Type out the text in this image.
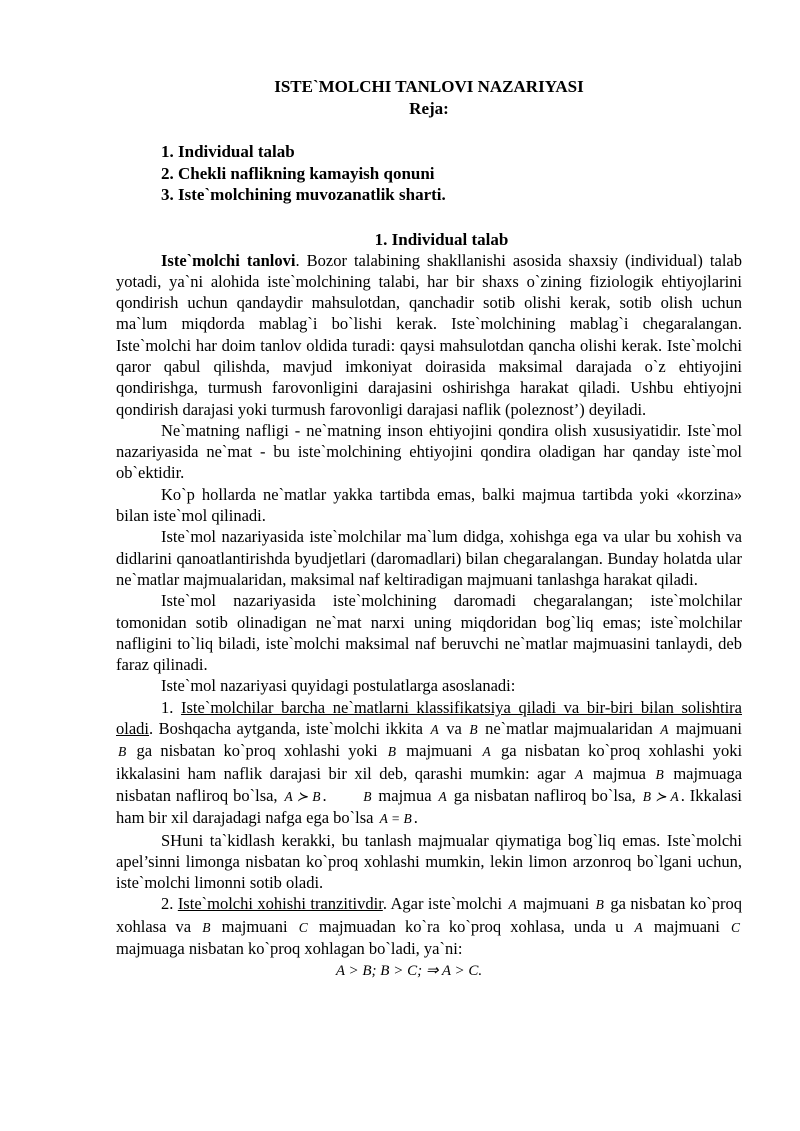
ISTE`MOLCHI TANLOVI NAZARIYASI
Reja:
1. Individual talab
2. Chekli naflikning kamayish qonuni
3. Iste`molchining muvozanatlik sharti.
1. Individual talab

Iste`molchi tanlovi. Bozor talabining shakllanishi asosida shaxsiy (individual) talab yotadi, ya`ni alohida iste`molchining talabi, har bir shaxs o`zining fiziologik ehtiyojlarini qondirish uchun qandaydir mahsulotdan, qanchadir sotib olishi kerak, sotib olish uchun ma`lum miqdorda mablag`i bo`lishi kerak. Iste`molchining mablag`i chegaralangan. Iste`molchi har doim tanlov oldida turadi: qaysi mahsulotdan qancha olishi kerak. Iste`molchi qaror qabul qilishda, mavjud imkoniyat doirasida maksimal darajada o`z ehtiyojini qondirishga, turmush farovonligini darajasini oshirishga harakat qiladi. Ushbu ehtiyojni qondirish darajasi yoki turmush farovonligi darajasi naflik (poleznost’) deyiladi.

Ne`matning nafligi - ne`matning inson ehtiyojini qondira olish xususiyatidir. Iste`mol nazariyasida ne`mat - bu iste`molchining ehtiyojini qondira oladigan har qanday iste`mol ob`ektidir.

Ko`p hollarda ne`matlar yakka tartibda emas, balki majmua tartibda yoki «korzina» bilan iste`mol qilinadi.

Iste`mol nazariyasida iste`molchilar ma`lum didga, xohishga ega va ular bu xohish va didlarini qanoatlantirishda byudjetlari (daromadlari) bilan chegaralangan. Bunday holatda ular ne`matlar majmualaridan, maksimal naf keltiradigan majmuani tanlashga harakat qiladi.

Iste`mol nazariyasida iste`molchining daromadi chegaralangan; iste`molchilar tomonidan sotib olinadigan ne`mat narxi uning miqdoridan bog`liq emas; iste`molchilar nafligini to`liq biladi, iste`molchi maksimal naf beruvchi ne`matlar majmuasini tanlaydi, deb faraz qilinadi.

Iste`mol nazariyasi quyidagi postulatlarga asoslanadi:

1. Iste`molchilar barcha ne`matlarni klassifikatsiya qiladi va bir-biri bilan solishtira oladi. Boshqacha aytganda, iste`molchi ikkita A va B ne`matlar majmualaridan A majmuani B ga nisbatan ko`proq xohlashi yoki B majmuani A ga nisbatan ko`proq xohlashi yoki ikkalasini ham naflik darajasi bir xil deb, qarashi mumkin: agar A majmua B majmuaga nisbatan nafliroq bo`lsa, A ≻ B .	B majmua A ga nisbatan nafliroq bo`lsa, B ≻ A . Ikkalasi ham bir xil darajadagi nafga ega bo`lsa A = B .

SHuni ta`kidlash kerakki, bu tanlash majmualar qiymatiga bog`liq emas. Iste`molchi apel’sinni limonga nisbatan ko`proq xohlashi mumkin, lekin limon arzonroq bo`lgani uchun, iste`molchi limonni sotib oladi.

2. Iste`molchi xohishi tranzitivdir. Agar iste`molchi A majmuani B ga nisbatan ko`proq xohlasa va B majmuani C majmuadan ko`ra ko`proq xohlasa, unda u A majmuani C majmuaga nisbatan ko`proq xohlagan bo`ladi, ya`ni:

A > B; B > C; ⇒ A > C.
